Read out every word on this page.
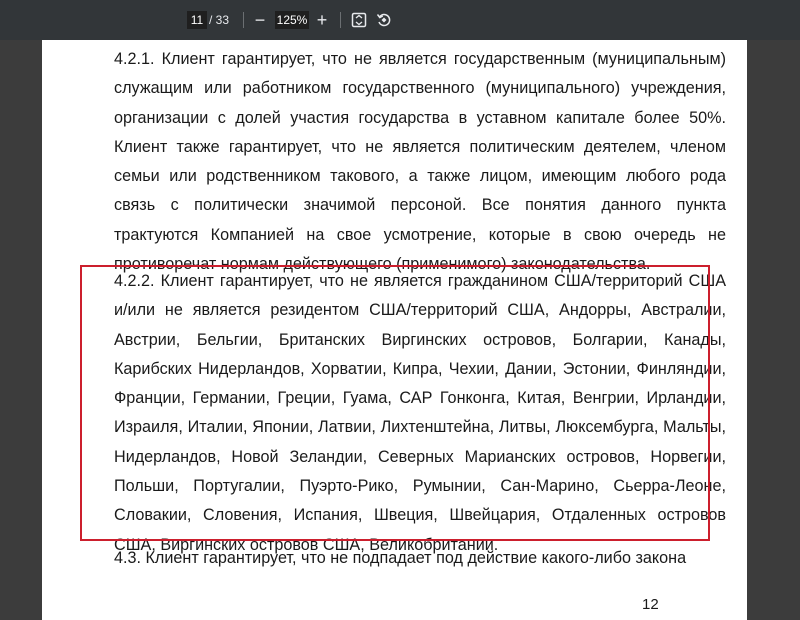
11 / 33 − 125% +
4.2.1. Клиент гарантирует, что не является государственным (муниципальным) служащим или работником государственного (муниципального) учреждения, организации с долей участия государства в уставном капитале более 50%. Клиент также гарантирует, что не является политическим деятелем, членом семьи или родственником такового, а также лицом, имеющим любого рода связь с политически значимой персоной. Все понятия данного пункта трактуются Компанией на свое усмотрение, которые в свою очередь не противоречат нормам действующего (применимого) законодательства.
4.2.2. Клиент гарантирует, что не является гражданином США/территорий США и/или не является резидентом США/территорий США, Андорры, Австралии, Австрии, Бельгии, Британских Виргинских островов, Болгарии, Канады, Карибских Нидерландов, Хорватии, Кипра, Чехии, Дании, Эстонии, Финляндии, Франции, Германии, Греции, Гуама, САР Гонконга, Китая, Венгрии, Ирландии, Израиля, Италии, Японии, Латвии, Лихтенштейна, Литвы, Люксембурга, Мальты, Нидерландов, Новой Зеландии, Северных Марианских островов, Норвегии, Польши, Португалии, Пуэрто-Рико, Румынии, Сан-Марино, Сьерра-Леоне, Словакии, Словения, Испания, Швеция, Швейцария, Отдаленных островов США, Виргинских островов США, Великобритании.
4.3. Клиент гарантирует, что не подпадает под действие какого-либо закона
12
